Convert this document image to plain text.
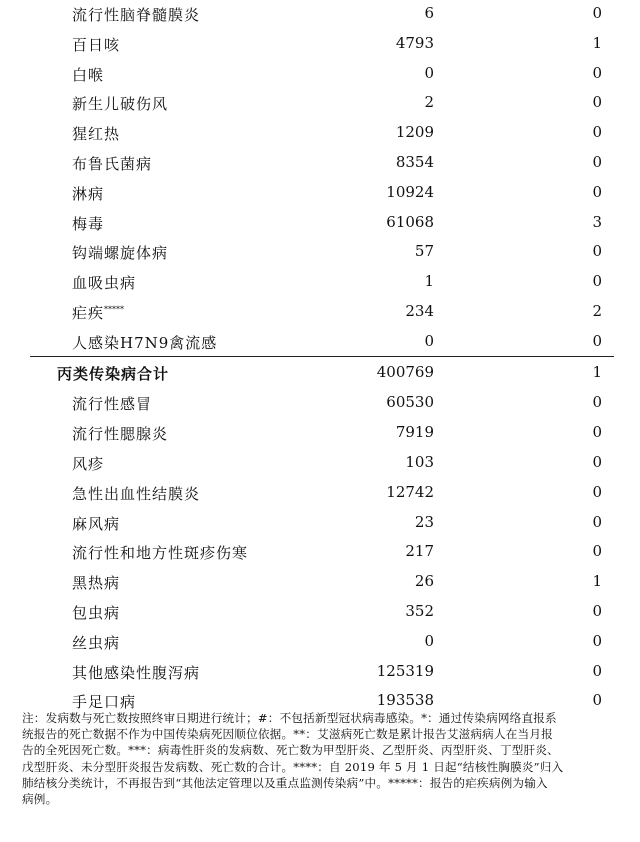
流行性脑脊髓膜炎	6	0
百日咳	4793	1
白喉	0	0
新生儿破伤风	2	0
猩红热	1209	0
布鲁氏菌病	8354	0
淋病	10924	0
梅毒	61068	3
钩端螺旋体病	57	0
血吸虫病	1	0
疟疾*****	234	2
人感染H7N9禽流感	0	0
丙类传染病合计	400769	1
流行性感冒	60530	0
流行性腮腺炎	7919	0
风疹	103	0
急性出血性结膜炎	12742	0
麻风病	23	0
流行性和地方性斑疹伤寒	217	0
黑热病	26	1
包虫病	352	0
丝虫病	0	0
其他感染性腹泻病	125319	0
手足口病	193538	0
注：发病数与死亡数按照终审日期进行统计；#：不包括新型冠状病毒感染。*：通过传染病网络直报系
统报告的死亡数据不作为中国传染病死因顺位依据。**：艾滋病死亡数是累计报告艾滋病病人在当月报
告的全死因死亡数。***：病毒性肝炎的发病数、死亡数为甲型肝炎、乙型肝炎、丙型肝炎、丁型肝炎、
戊型肝炎、未分型肝炎报告发病数、死亡数的合计。****：自 2019 年 5 月 1 日起“结核性胸膜炎”归入
肺结核分类统计，不再报告到“其他法定管理以及重点监测传染病”中。*****：报告的疟疾病例为输入
病例。
